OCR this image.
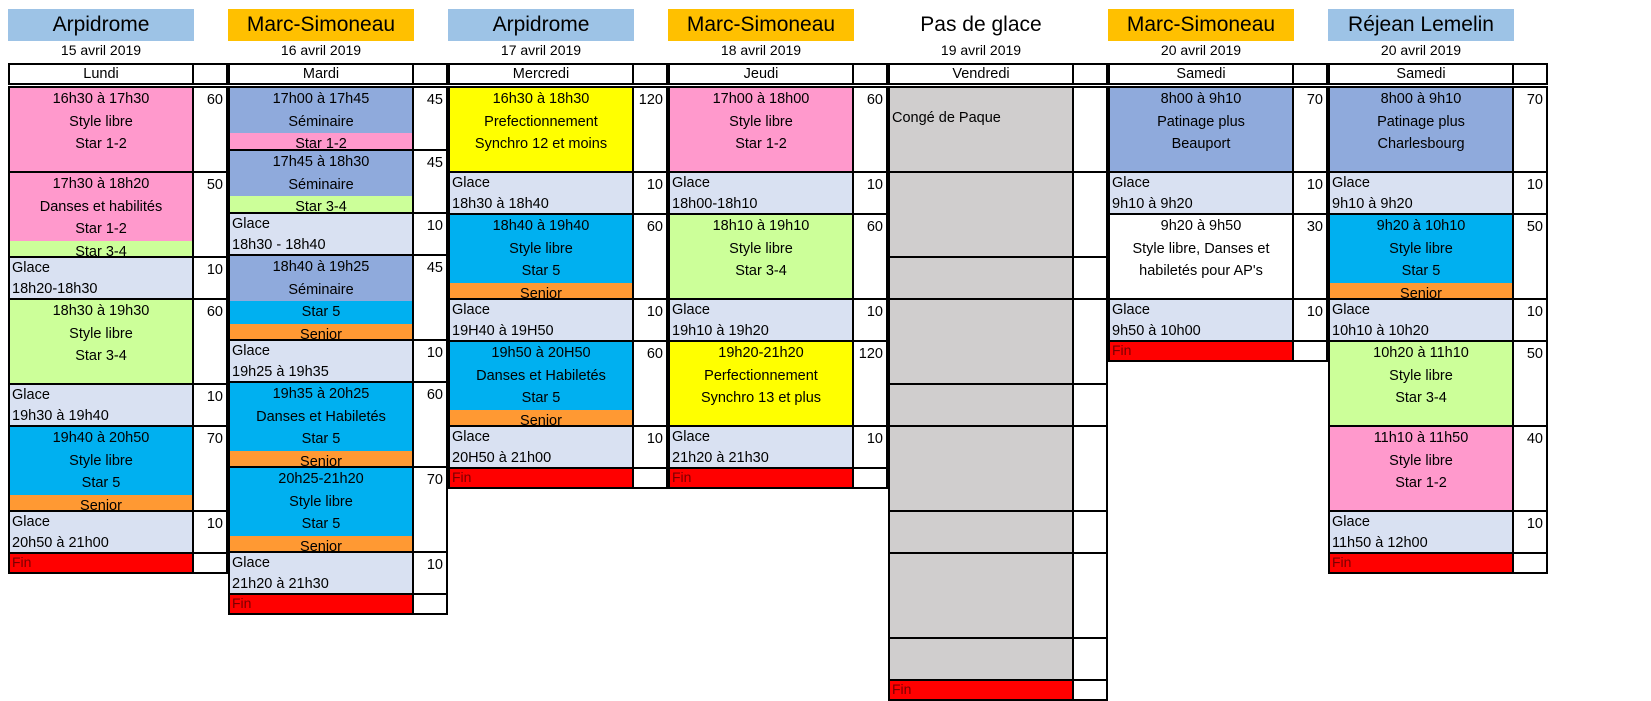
Arpidrome
15 avril 2019
Lundi
16h30 à 17h30
Style libre
Star 1-2
60
17h30 à 18h20
Danses et habilités
Star 1-2
Star 3-4
50
Glace
18h20-18h30
10
18h30 à 19h30
Style libre
Star 3-4
60
Glace
19h30 à 19h40
10
19h40 à 20h50
Style libre
Star 5
Senior
70
Glace
20h50 à 21h00
10
Fin
Marc-Simoneau
16 avril 2019
Mardi
17h00 à 17h45
Séminaire
Star 1-2
45
17h45 à 18h30
Séminaire
Star 3-4
45
Glace
18h30 - 18h40
10
18h40 à 19h25
Séminaire
Star 5
Senior
45
Glace
19h25 à 19h35
10
19h35 à 20h25
Danses et Habiletés
Star 5
Senior
60
20h25-21h20
Style libre
Star 5
Senior
70
Glace
21h20 à 21h30
10
Fin
Arpidrome
17 avril 2019
Mercredi
16h30 à 18h30
Prefectionnement
Synchro 12 et moins
120
Glace
18h30 à 18h40
10
18h40 à 19h40
Style libre
Star 5
Senior
60
Glace
19H40 à 19H50
10
19h50 à 20H50
Danses et Habiletés
Star 5
Senior
60
Glace
20H50 à 21h00
10
Fin
Marc-Simoneau
18 avril 2019
Jeudi
17h00 à 18h00
Style libre
Star 1-2
60
Glace
18h00-18h10
10
18h10 à 19h10
Style libre
Star 3-4
60
Glace
19h10 à 19h20
10
19h20-21h20
Perfectionnement
Synchro 13 et plus
120
Glace
21h20 à 21h30
10
Fin
Pas de glace
19 avril 2019
Vendredi
Fin
Congé de Paque
Marc-Simoneau
20 avril 2019
Samedi
8h00 à 9h10
Patinage plus
Beauport
70
Glace
9h10 à 9h20
10
9h20 à 9h50
Style libre, Danses et
habiletés pour AP's
30
Glace
9h50 à 10h00
10
Fin
Réjean Lemelin
20 avril 2019
Samedi
8h00 à 9h10
Patinage plus
Charlesbourg
70
Glace
9h10 à 9h20
10
9h20 à 10h10
Style libre
Star 5
Senior
50
Glace
10h10 à 10h20
10
10h20 à 11h10
Style libre
Star 3-4
50
11h10 à 11h50
Style libre
Star 1-2
40
Glace
11h50 à 12h00
10
Fin
